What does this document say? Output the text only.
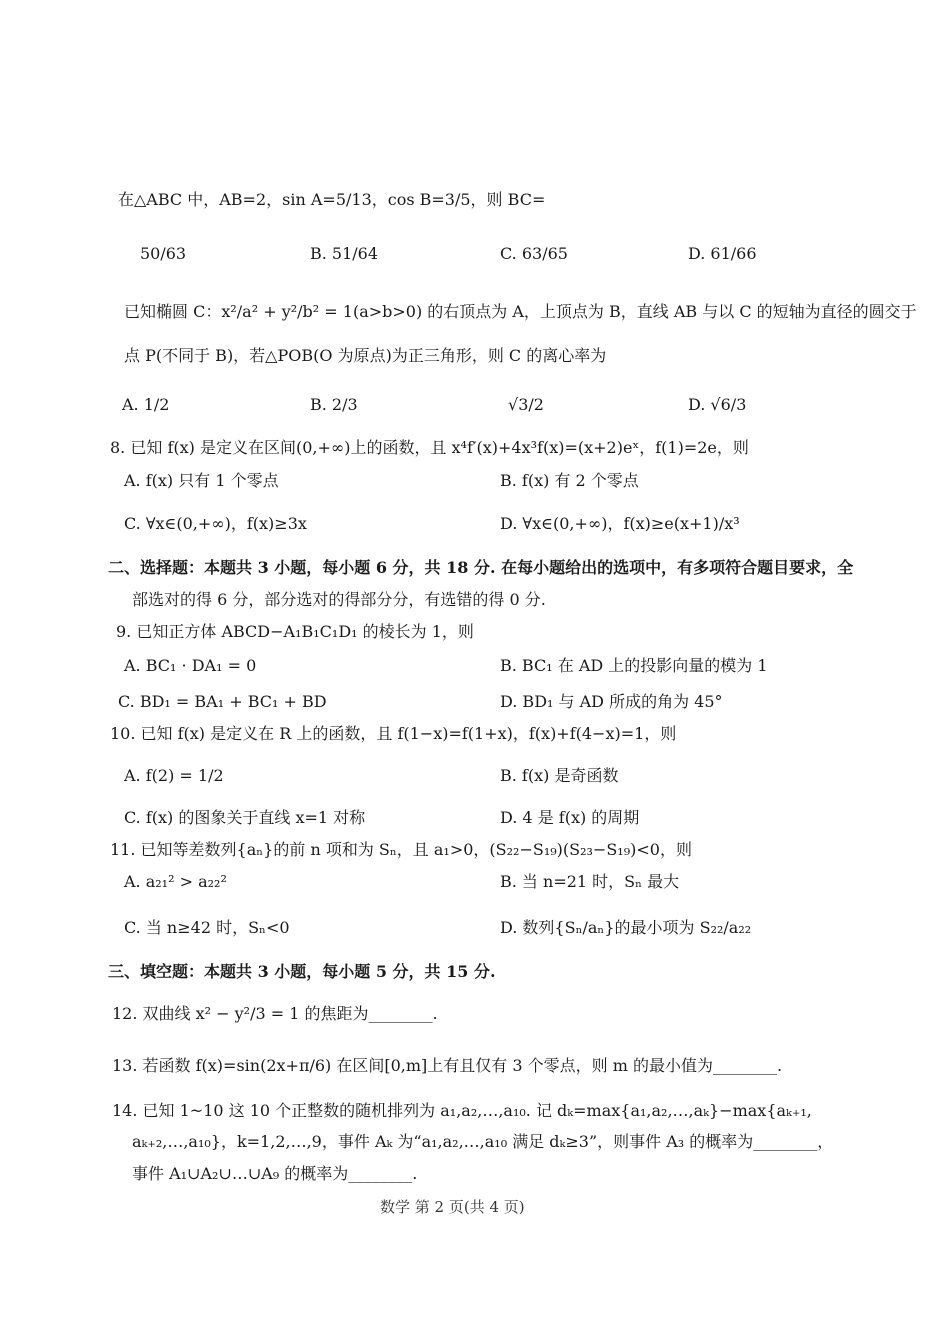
在△ABC 中，AB=2，sin A=5/13，cos B=3/5，则 BC=
50/63	B. 51/64	C. 63/65	D. 61/66
已知椭圆 C：x²/a² + y²/b² = 1(a>b>0) 的右顶点为 A，上顶点为 B，直线 AB 与以 C 的短轴为直径的圆交于
点 P(不同于 B)，若△POB(O 为原点)为正三角形，则 C 的离心率为
A. 1/2	B. 2/3	√3/2	D. √6/3
8. 已知 f(x) 是定义在区间(0,+∞)上的函数，且 x⁴f′(x)+4x³f(x)=(x+2)eˣ，f(1)=2e，则
A. f(x) 只有 1 个零点	B. f(x) 有 2 个零点
C. ∀x∈(0,+∞)，f(x)≥3x	D. ∀x∈(0,+∞)，f(x)≥e(x+1)/x³
二、选择题：本题共 3 小题，每小题 6 分，共 18 分. 在每小题给出的选项中，有多项符合题目要求，全
部选对的得 6 分，部分选对的得部分分，有选错的得 0 分.
9. 已知正方体 ABCD−A₁B₁C₁D₁ 的棱长为 1，则
A. BC₁ · DA₁ = 0	B. BC₁ 在 AD 上的投影向量的模为 1
C. BD₁ = BA₁ + BC₁ + BD	D. BD₁ 与 AD 所成的角为 45°
10. 已知 f(x) 是定义在 R 上的函数，且 f(1−x)=f(1+x)，f(x)+f(4−x)=1，则
A. f(2) = 1/2	B. f(x) 是奇函数
C. f(x) 的图象关于直线 x=1 对称	D. 4 是 f(x) 的周期
11. 已知等差数列{aₙ}的前 n 项和为 Sₙ，且 a₁>0，(S₂₂−S₁₉)(S₂₃−S₁₉)<0，则
A. a₂₁² > a₂₂²	B. 当 n=21 时，Sₙ 最大
C. 当 n≥42 时，Sₙ<0	D. 数列{Sₙ/aₙ}的最小项为 S₂₂/a₂₂
三、填空题：本题共 3 小题，每小题 5 分，共 15 分.
12. 双曲线 x² − y²/3 = 1 的焦距为________.
13. 若函数 f(x)=sin(2x+π/6) 在区间[0,m]上有且仅有 3 个零点，则 m 的最小值为________.
14. 已知 1~10 这 10 个正整数的随机排列为 a₁,a₂,…,a₁₀. 记 dₖ=max{a₁,a₂,…,aₖ}−max{aₖ₊₁,
aₖ₊₂,…,a₁₀}，k=1,2,…,9，事件 Aₖ 为“a₁,a₂,…,a₁₀ 满足 dₖ≥3”，则事件 A₃ 的概率为________，
事件 A₁∪A₂∪…∪A₉ 的概率为________.
数学 第 2 页(共 4 页)
